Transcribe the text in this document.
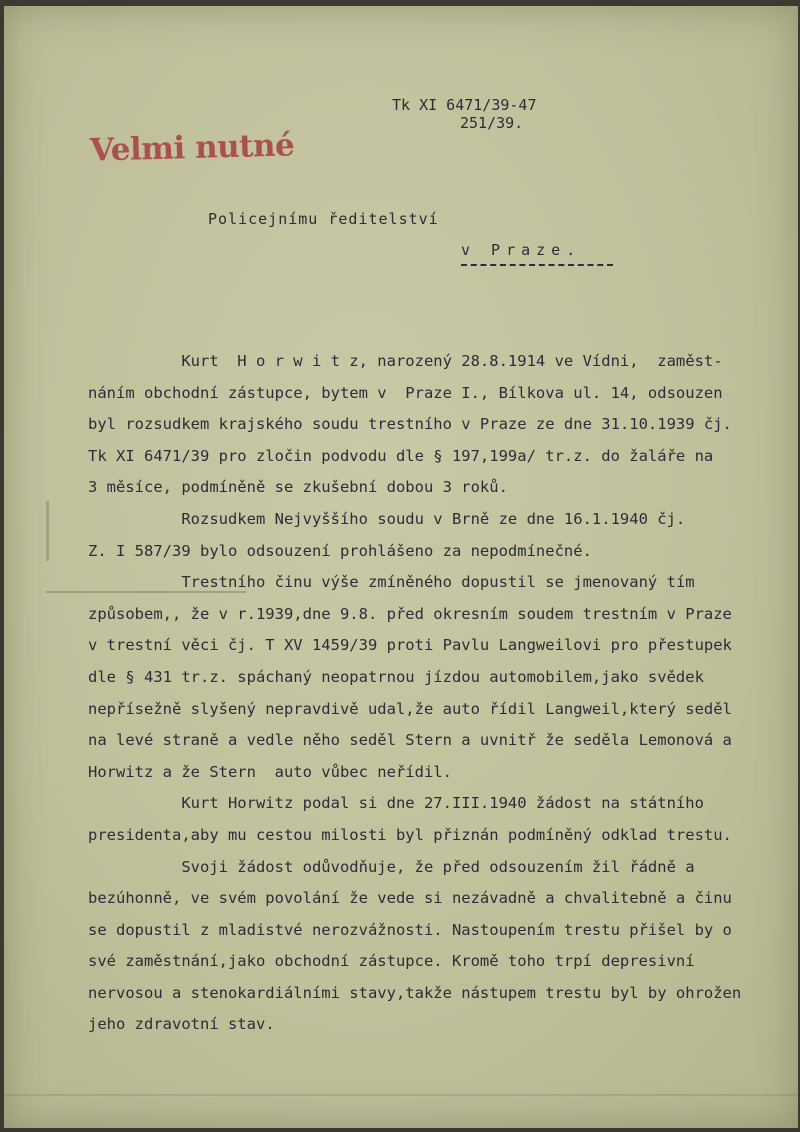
Velmi nutné
Tk XI 6471/39-47
251/39.
Policejnímu ředitelství
v Praze.
Kurt  H o r w i t z, narozený 28.8.1914 ve Vídni,  zaměst-
náním obchodní zástupce, bytem v  Praze I., Bílkova ul. 14, odsouzen
byl rozsudkem krajského soudu trestního v Praze ze dne 31.10.1939 čj.
Tk XI 6471/39 pro zločin podvodu dle § 197,199a/ tr.z. do žaláře na
3 měsíce, podmíněně se zkušební dobou 3 roků.
Rozsudkem Nejvyššího soudu v Brně ze dne 16.1.1940 čj.
Z. I 587/39 bylo odsouzení prohlášeno za nepodmínečné.
Trestního činu výše zmíněného dopustil se jmenovaný tím
způsobem,, že v r.1939,dne 9.8. před okresním soudem trestním v Praze
v trestní věci čj. T XV 1459/39 proti Pavlu Langweilovi pro přestupek
dle § 431 tr.z. spáchaný neopatrnou jízdou automobilem,jako svědek
nepřísežně slyšený nepravdivě udal,že auto řídil Langweil,který seděl
na levé straně a vedle něho seděl Stern a uvnitř že seděla Lemonová a
Horwitz a že Stern  auto vůbec neřídil.
Kurt Horwitz podal si dne 27.III.1940 žádost na státního
presidenta,aby mu cestou milosti byl přiznán podmíněný odklad trestu.
Svoji žádost odůvodňuje, že před odsouzením žil řádně a
bezúhonně, ve svém povolání že vede si nezávadně a chvalitebně a činu
se dopustil z mladistvé nerozvážnosti. Nastoupením trestu přišel by o
své zaměstnání,jako obchodní zástupce. Kromě toho trpí depresivní
nervosou a stenokardiálními stavy,takže nástupem trestu byl by ohrožen
jeho zdravotní stav.
